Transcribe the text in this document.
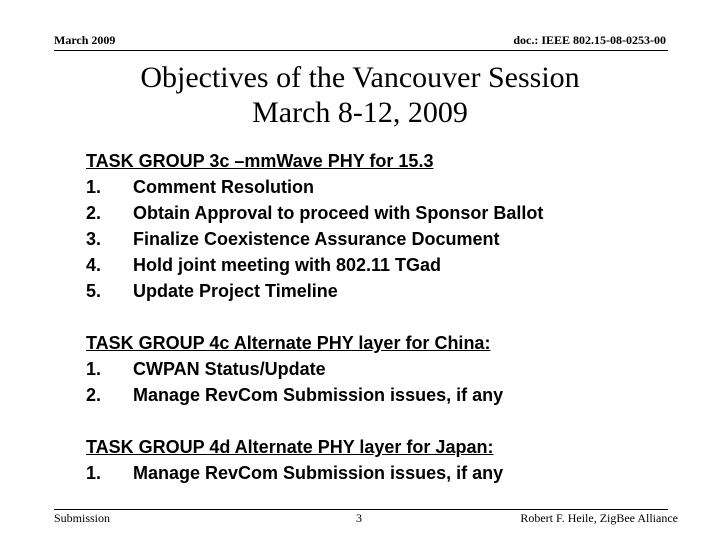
March 2009	doc.: IEEE 802.15-08-0253-00
Objectives of the Vancouver Session
March 8-12, 2009
TASK GROUP 3c –mmWave PHY for 15.3
1.	Comment Resolution
2.	Obtain Approval to proceed with Sponsor Ballot
3.	Finalize Coexistence Assurance Document
4.	Hold joint meeting with 802.11 TGad
5.	Update Project Timeline
TASK GROUP 4c Alternate PHY layer for China:
1.	CWPAN Status/Update
2.	Manage RevCom Submission issues, if any
TASK GROUP 4d Alternate PHY layer for Japan:
1.	Manage RevCom Submission issues, if any
Submission	3	Robert F. Heile, ZigBee Alliance
